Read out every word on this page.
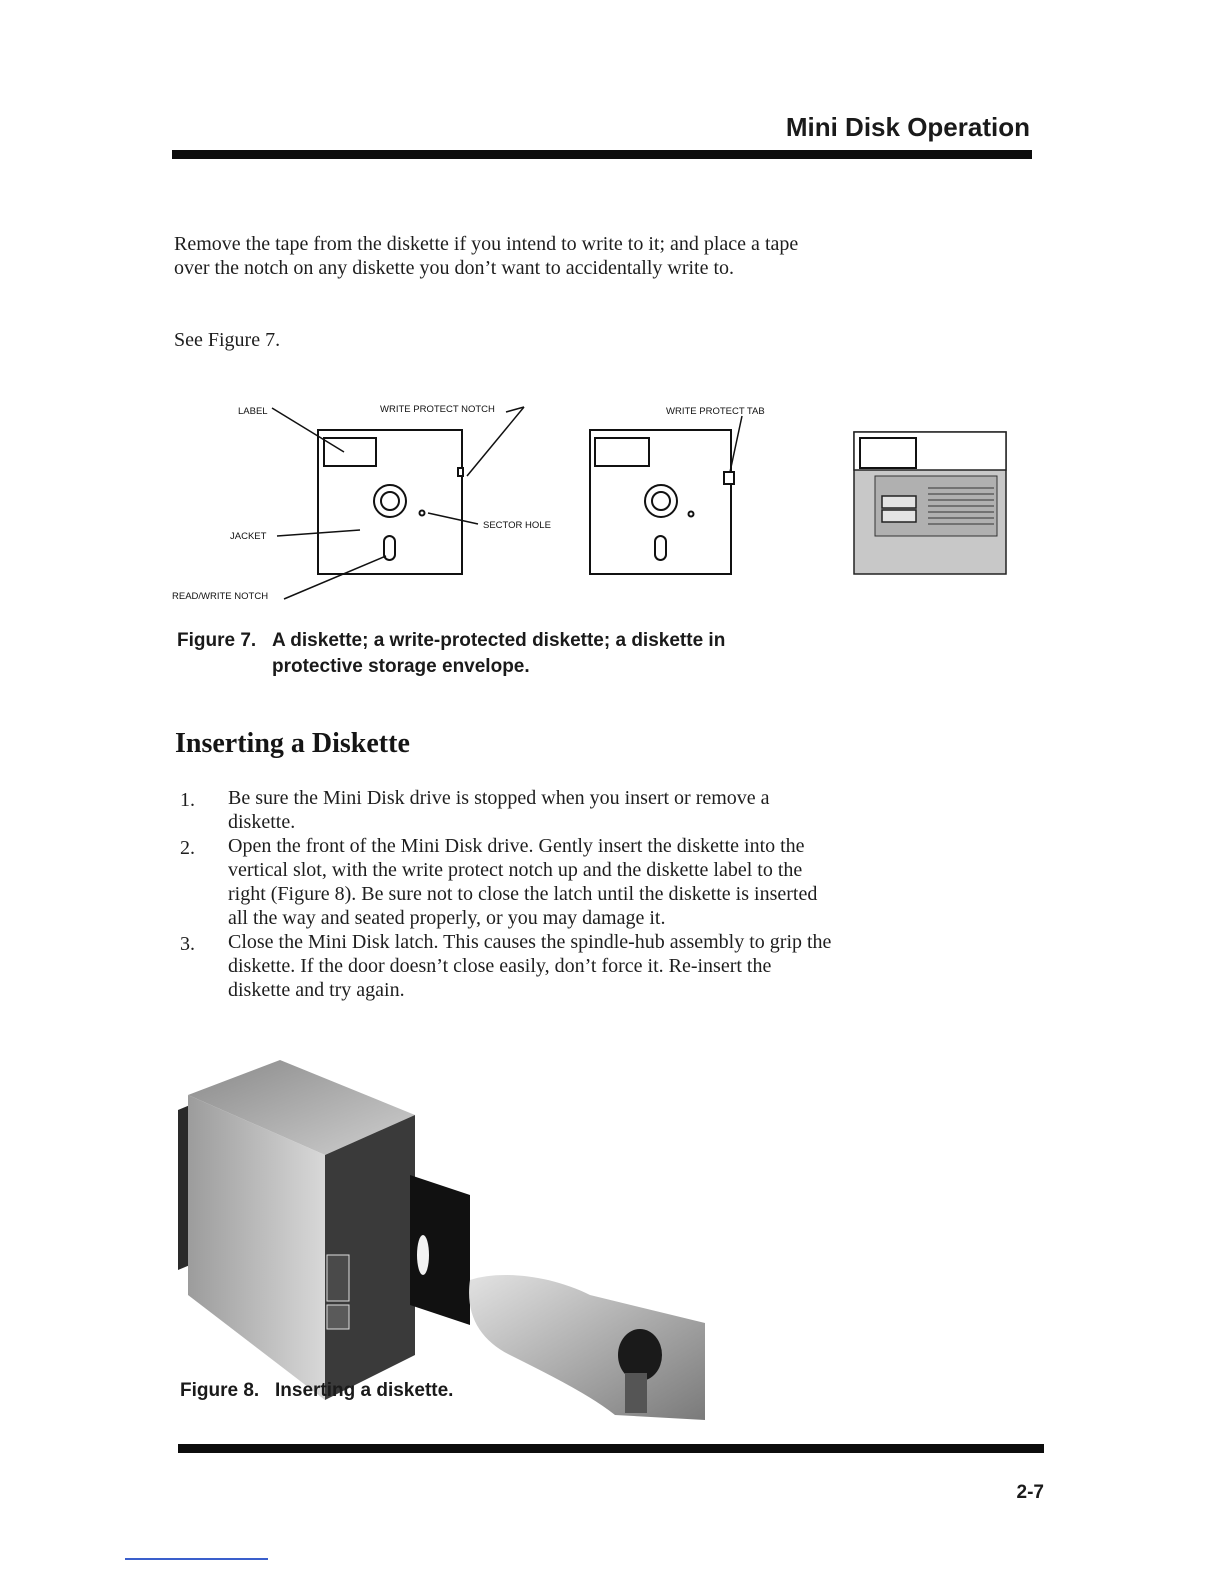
Mini Disk Operation
Remove the tape from the diskette if you intend to write to it; and place a tape over the notch on any diskette you don’t want to accidentally write to.
See Figure 7.
LABEL	WRITE PROTECT NOTCH
JACKET
SECTOR HOLE
READ/WRITE NOTCH
WRITE PROTECT TAB
Figure 7. A diskette; a write-protected diskette; a diskette in
protective storage envelope.
Inserting a Diskette
1. Be sure the Mini Disk drive is stopped when you insert or remove a diskette.
2. Open the front of the Mini Disk drive. Gently insert the diskette into the vertical slot, with the write protect notch up and the diskette label to the right (Figure 8). Be sure not to close the latch until the diskette is inserted all the way and seated properly, or you may damage it.
3. Close the Mini Disk latch. This causes the spindle-hub assembly to grip the diskette. If the door doesn’t close easily, don’t force it. Re-insert the diskette and try again.
Figure 8. Inserting a diskette.
2-7
